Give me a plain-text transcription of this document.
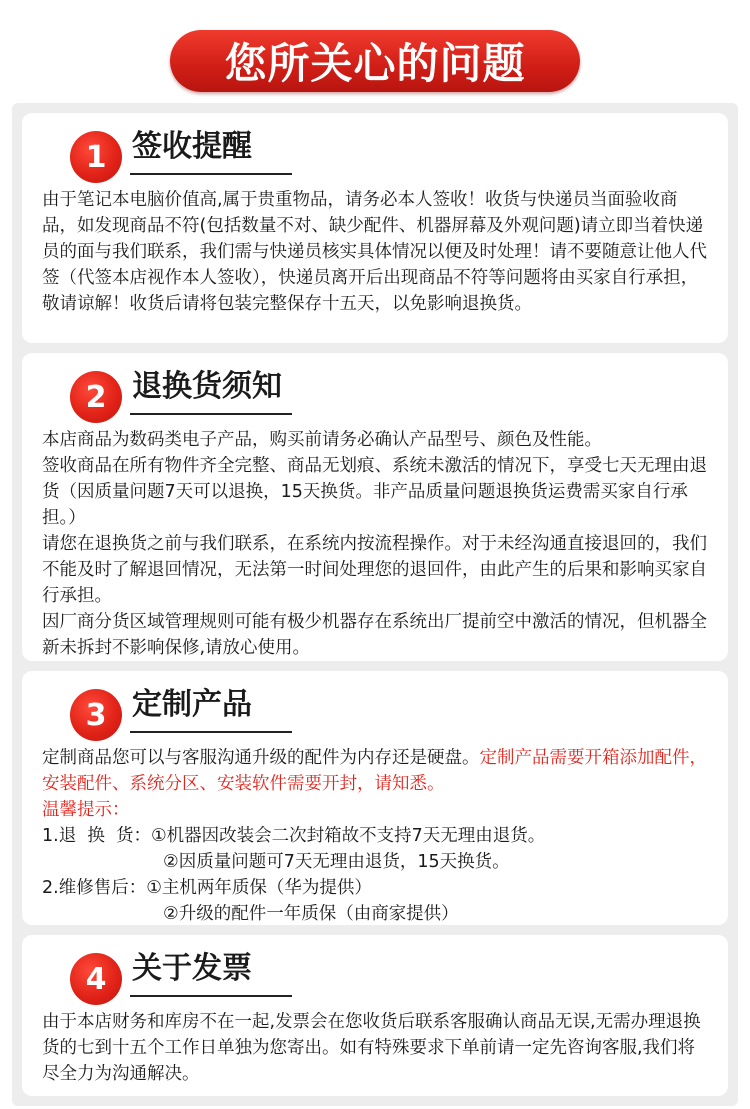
您所关心的问题
1 签收提醒

由于笔记本电脑价值高,属于贵重物品，请务必本人签收！收货与快递员当面验收商品，如发现商品不符(包括数量不对、缺少配件、机器屏幕及外观问题)请立即当着快递员的面与我们联系，我们需与快递员核实具体情况以便及时处理！请不要随意让他人代签（代签本店视作本人签收），快递员离开后出现商品不符等问题将由买家自行承担，敬请谅解！收货后请将包装完整保存十五天，以免影响退换货。

2 退换货须知

本店商品为数码类电子产品，购买前请务必确认产品型号、颜色及性能。

签收商品在所有物件齐全完整、商品无划痕、系统未激活的情况下，享受七天无理由退货（因质量问题7天可以退换，15天换货。非产品质量问题退换货运费需买家自行承担。）

请您在退换货之前与我们联系，在系统内按流程操作。对于未经沟通直接退回的，我们不能及时了解退回情况，无法第一时间处理您的退回件，由此产生的后果和影响买家自行承担。

因厂商分货区域管理规则可能有极少机器存在系统出厂提前空中激活的情况，但机器全新未拆封不影响保修,请放心使用。

3 定制产品

定制商品您可以与客服沟通升级的配件为内存还是硬盘。定制产品需要开箱添加配件，安装配件、系统分区、安装软件需要开封，请知悉。

温馨提示：

1.退  换  货： ①机器因改装会二次封箱故不支持7天无理由退货。

②因质量问题可7天无理由退货，15天换货。

2.维修售后： ①主机两年质保（华为提供）

②升级的配件一年质保（由商家提供）

4 关于发票

由于本店财务和库房不在一起,发票会在您收货后联系客服确认商品无误,无需办理退换货的七到十五个工作日单独为您寄出。如有特殊要求下单前请一定先咨询客服,我们将尽全力为沟通解决。
